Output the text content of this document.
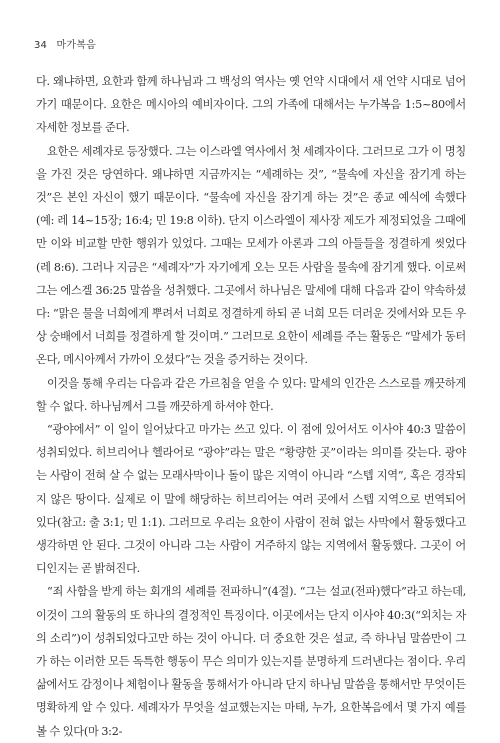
34 마가복음

다. 왜냐하면, 요한과 함께 하나님과 그 백성의 역사는 옛 언약 시대에서 새 언약 시대로 넘어가기 때문이다. 요한은 메시아의 예비자이다. 그의 가족에 대해서는 누가복음 1:5~80에서 자세한 정보를 준다.

요한은 세례자로 등장했다. 그는 이스라엘 역사에서 첫 세례자이다. 그러므로 그가 이 명칭을 가진 것은 당연하다. 왜냐하면 지금까지는 “세례하는 것”, “물속에 자신을 잠기게 하는 것”은 본인 자신이 했기 때문이다. “물속에 자신을 잠기게 하는 것”은 종교 예식에 속했다(예: 레 14~15장; 16:4; 민 19:8 이하). 단지 이스라엘이 제사장 제도가 제정되었을 그때에만 이와 비교할 만한 행위가 있었다. 그때는 모세가 아론과 그의 아들들을 정결하게 씻었다(레 8:6). 그러나 지금은 “세례자”가 자기에게 오는 모든 사람을 물속에 잠기게 했다. 이로써 그는 에스겔 36:25 말씀을 성취했다. 그곳에서 하나님은 말세에 대해 다음과 같이 약속하셨다: “맑은 물을 너희에게 뿌려서 너희로 정결하게 하되 곧 너희 모든 더러운 것에서와 모든 우상 숭배에서 너희를 정결하게 할 것이며.” 그러므로 요한이 세례를 주는 활동은 “말세가 동터온다, 메시아께서 가까이 오셨다”는 것을 증거하는 것이다.

이것을 통해 우리는 다음과 같은 가르침을 얻을 수 있다: 말세의 인간은 스스로를 깨끗하게 할 수 없다. 하나님께서 그를 깨끗하게 하셔야 한다.

“광야에서” 이 일이 일어났다고 마가는 쓰고 있다. 이 점에 있어서도 이사야 40:3 말씀이 성취되었다. 히브리어나 헬라어로 “광야”라는 말은 “황량한 곳”이라는 의미를 갖는다. 광야는 사람이 전혀 살 수 없는 모래사막이나 돌이 많은 지역이 아니라 “스텝 지역”, 혹은 경작되지 않은 땅이다. 실제로 이 말에 해당하는 히브리어는 여러 곳에서 스텝 지역으로 번역되어 있다(참고: 출 3:1; 민 1:1). 그러므로 우리는 요한이 사람이 전혀 없는 사막에서 활동했다고 생각하면 안 된다. 그것이 아니라 그는 사람이 거주하지 않는 지역에서 활동했다. 그곳이 어디인지는 곧 밝혀진다.

“죄 사함을 받게 하는 회개의 세례를 전파하니”(4절). “그는 설교(전파)했다”라고 하는데, 이것이 그의 활동의 또 하나의 결정적인 특징이다. 이곳에서는 단지 이사야 40:3(“외치는 자의 소리”)이 성취되었다고만 하는 것이 아니다. 더 중요한 것은 설교, 즉 하나님 말씀만이 그가 하는 이러한 모든 독특한 행동이 무슨 의미가 있는지를 분명하게 드러낸다는 점이다. 우리 삶에서도 감정이나 체험이나 활동을 통해서가 아니라 단지 하나님 말씀을 통해서만 무엇이든 명확하게 알 수 있다. 세례자가 무엇을 설교했는지는 마태, 누가, 요한복음에서 몇 가지 예를 볼 수 있다(마 3:2-
